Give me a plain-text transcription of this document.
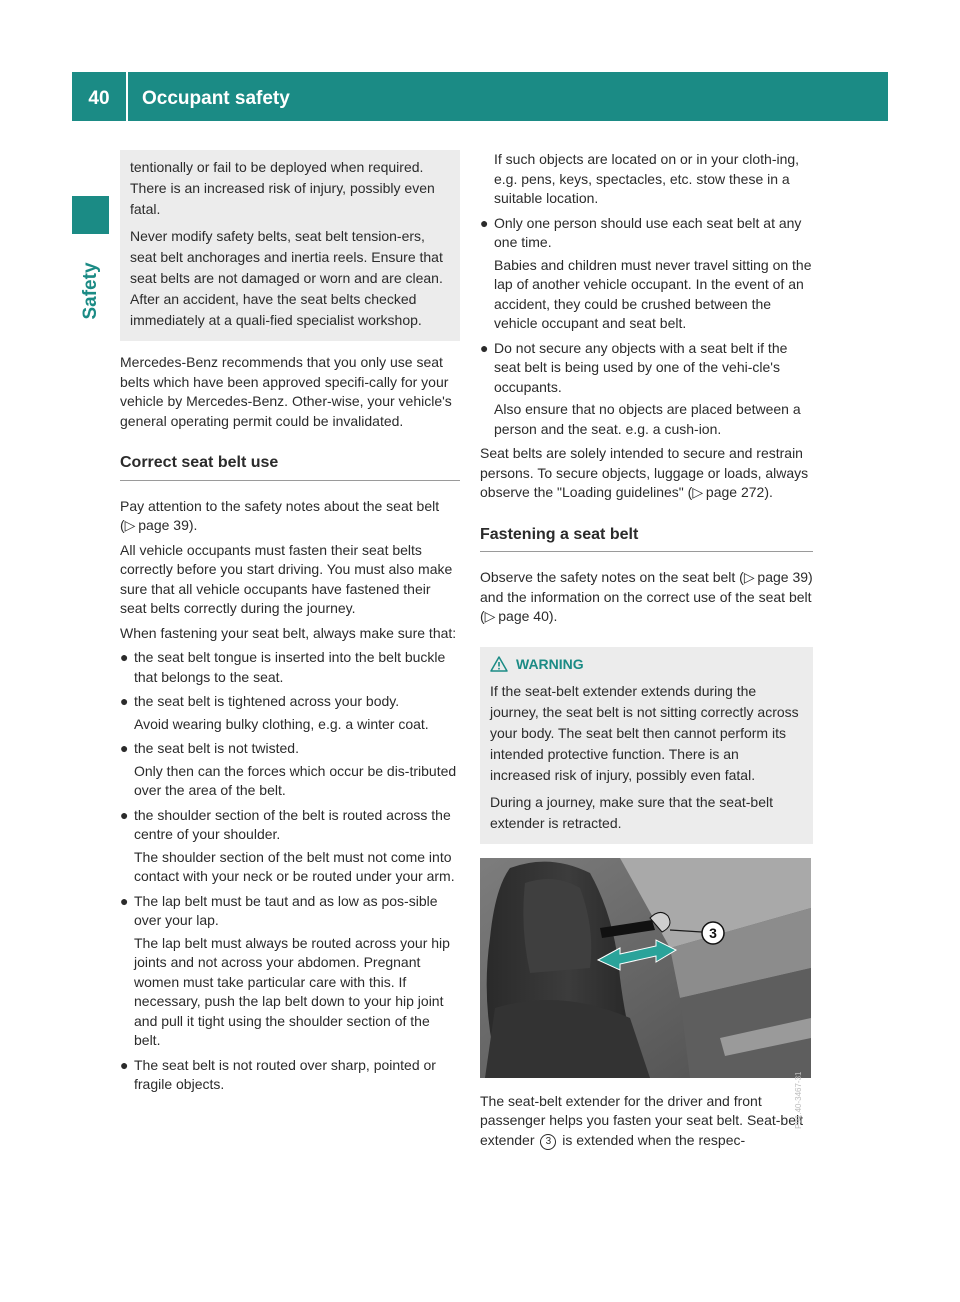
40	Occupant safety
Safety

tentionally or fail to be deployed when required. There is an increased risk of injury, possibly even fatal.

Never modify safety belts, seat belt tension-ers, seat belt anchorages and inertia reels. Ensure that seat belts are not damaged or worn and are clean. After an accident, have the seat belts checked immediately at a quali-fied specialist workshop.

Mercedes-Benz recommends that you only use seat belts which have been approved specifi-cally for your vehicle by Mercedes-Benz. Other-wise, your vehicle's general operating permit could be invalidated.

Correct seat belt use

Pay attention to the safety notes about the seat belt (▷  page 39).

All vehicle occupants must fasten their seat belts correctly before you start driving. You must also make sure that all vehicle occupants have fastened their seat belts correctly during the journey.

When fastening your seat belt, always make sure that:

● the seat belt tongue is inserted into the belt buckle that belongs to the seat.
● the seat belt is tightened across your body.
Avoid wearing bulky clothing, e.g. a winter coat.
● the seat belt is not twisted.
Only then can the forces which occur be dis-tributed over the area of the belt.
● the shoulder section of the belt is routed across the centre of your shoulder.
The shoulder section of the belt must not come into contact with your neck or be routed under your arm.
● The lap belt must be taut and as low as pos-sible over your lap.
The lap belt must always be routed across your hip joints and not across your abdomen. Pregnant women must take particular care with this. If necessary, push the lap belt down to your hip joint and pull it tight using the shoulder section of the belt.
● The seat belt is not routed over sharp, pointed or fragile objects.
If such objects are located on or in your cloth-ing, e.g. pens, keys, spectacles, etc. stow these in a suitable location.
● Only one person should use each seat belt at any one time.
Babies and children must never travel sitting on the lap of another vehicle occupant. In the event of an accident, they could be crushed between the vehicle occupant and seat belt.
● Do not secure any objects with a seat belt if the seat belt is being used by one of the vehi-cle's occupants.
Also ensure that no objects are placed between a person and the seat. e.g. a cush-ion.

Seat belts are solely intended to secure and restrain persons. To secure objects, luggage or loads, always observe the "Loading guidelines" (▷  page 272).

Fastening a seat belt

Observe the safety notes on the seat belt (▷  page 39) and the information on the correct use of the seat belt (▷  page 40).

WARNING

If the seat-belt extender extends during the journey, the seat belt is not sitting correctly across your body. The seat belt then cannot perform its intended protective function. There is an increased risk of injury, possibly even fatal.

During a journey, make sure that the seat-belt extender is retracted.

3
P91.40-3467-31

The seat-belt extender for the driver and front passenger helps you fasten your seat belt. Seat-belt extender 3 is extended when the respec-
